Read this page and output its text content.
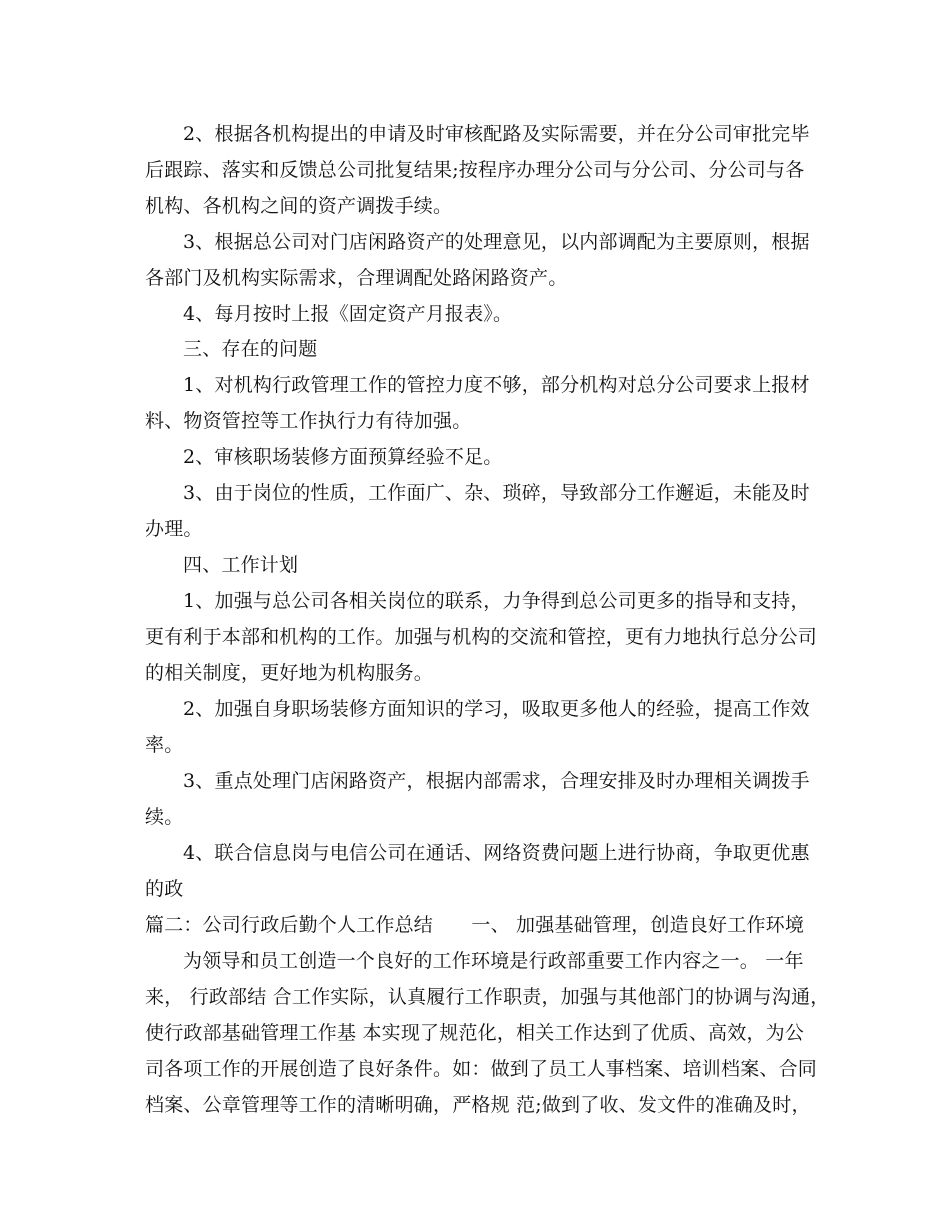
2、根据各机构提出的申请及时审核配路及实际需要，并在分公司审批完毕
后跟踪、落实和反馈总公司批复结果;按程序办理分公司与分公司、分公司与各
机构、各机构之间的资产调拨手续。
3、根据总公司对门店闲路资产的处理意见，以内部调配为主要原则，根据
各部门及机构实际需求，合理调配处路闲路资产。
4、每月按时上报《固定资产月报表》。
三、存在的问题
1、对机构行政管理工作的管控力度不够，部分机构对总分公司要求上报材
料、物资管控等工作执行力有待加强。
2、审核职场装修方面预算经验不足。
3、由于岗位的性质，工作面广、杂、琐碎，导致部分工作邂逅，未能及时
办理。
四、工作计划
1、加强与总公司各相关岗位的联系，力争得到总公司更多的指导和支持，
更有利于本部和机构的工作。加强与机构的交流和管控，更有力地执行总分公司
的相关制度，更好地为机构服务。
2、加强自身职场装修方面知识的学习，吸取更多他人的经验，提高工作效
率。
3、重点处理门店闲路资产，根据内部需求，合理安排及时办理相关调拨手
续。
4、联合信息岗与电信公司在通话、网络资费问题上进行协商，争取更优惠
的政
篇二：公司行政后勤个人工作总结　　一、 加强基础管理，创造良好工作环境
为领导和员工创造一个良好的工作环境是行政部重要工作内容之一。 一年
来， 行政部结 合工作实际，认真履行工作职责，加强与其他部门的协调与沟通，
使行政部基础管理工作基 本实现了规范化，相关工作达到了优质、高效，为公
司各项工作的开展创造了良好条件。如：做到了员工人事档案、培训档案、合同
档案、公章管理等工作的清晰明确，严格规 范;做到了收、发文件的准确及时，
